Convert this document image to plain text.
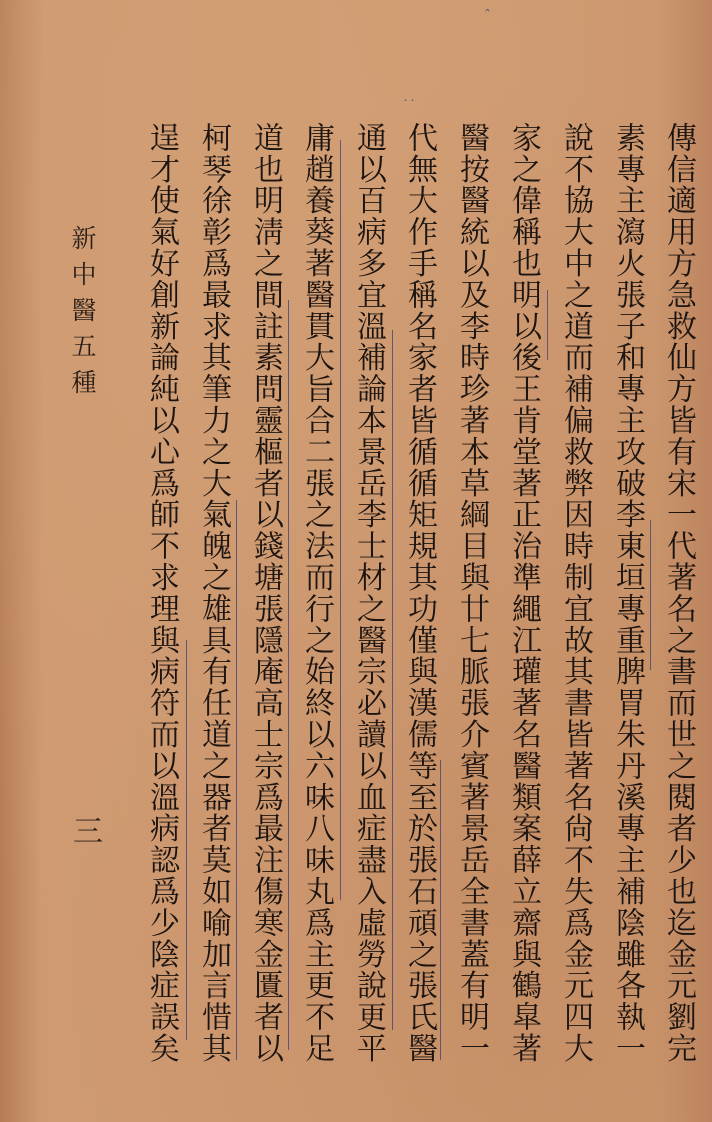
傳信適用方急救仙方皆有宋一代著名之書而世之閱者少也迄金元劉完
素專主瀉火張子和專主攻破李東垣專重脾胃朱丹溪專主補陰雖各執一
說不協大中之道而補偏救弊因時制宜故其書皆著名尙不失爲金元四大
家之偉稱也明以後王肯堂著正治準繩江瓘著名醫類案薛立齋與鶴皐著
醫按醫統以及李時珍著本草綱目與廿七脈張介賓著景岳全書蓋有明一
代無大作手稱名家者皆循循矩規其功僅與漢儒等至於張石頑之張氏醫
通以百病多宜溫補論本景岳李士材之醫宗必讀以血症盡入虛勞說更平
庸趙養葵著醫貫大旨合二張之法而行之始終以六味八味丸爲主更不足
道也明淸之間註素問靈樞者以錢塘張隱庵高士宗爲最注傷寒金匱者以
柯琴徐彰爲最求其筆力之大氣魄之雄具有任道之器者莫如喻加言惜其
逞才使氣好創新論純以心爲師不求理與病符而以溫病認爲少陰症誤矣
新中醫五種
三
˙˙
ˆ
